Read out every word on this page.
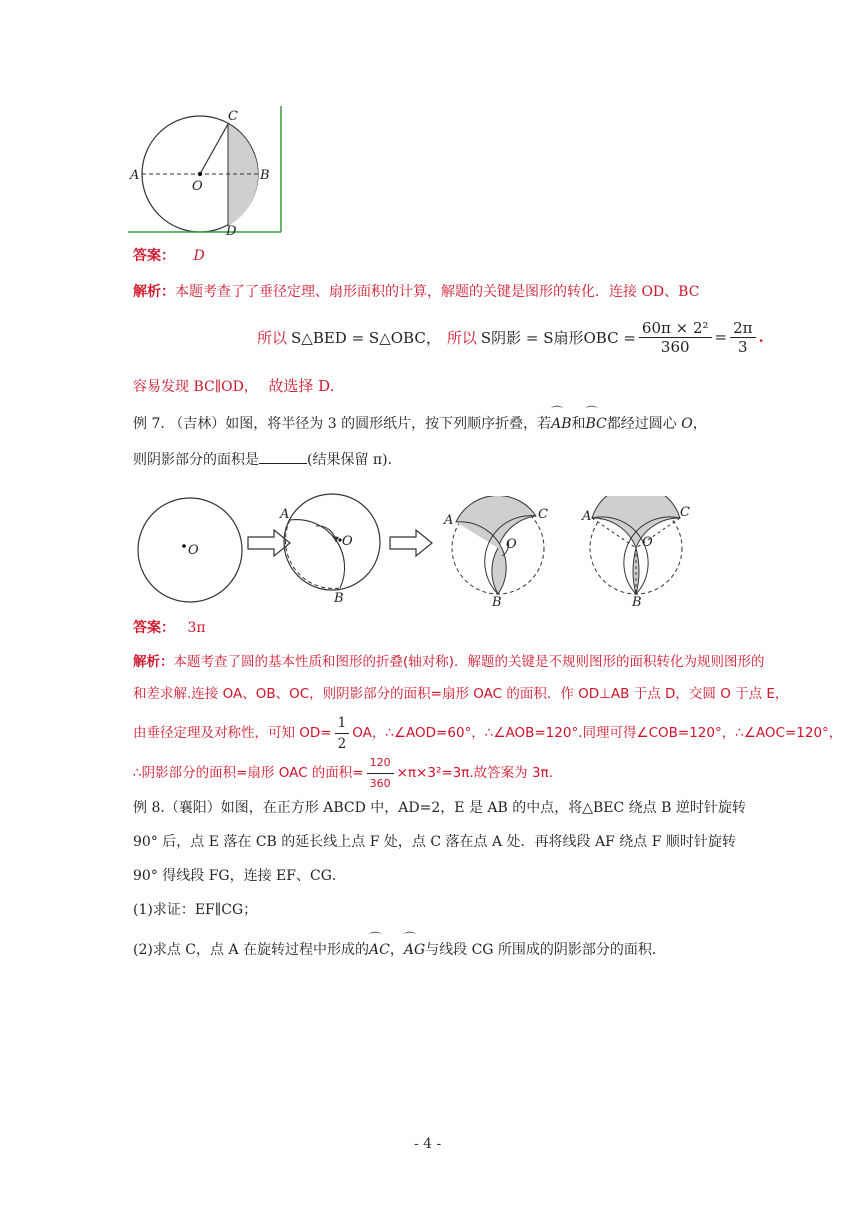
A
O
B
C
D
答案： D
解析：本题考查了了垂径定理、扇形面积的计算，解题的关键是图形的转化．连接 OD、BC
所以 S△BED = S△OBC， 所以 S阴影 = S扇形OBC = $\frac{\text{60π × 2²}}{360} = \frac{2\pi}{3}$ .
容易发现 BC∥OD， 故选择 D.
例 7. （吉林）如图，将半径为 3 的圆形纸片，按下列顺序折叠，若⌒ AB和⌒ BC都经过圆心 O，
则阴影部分的面积是	(结果保留 π)．
O
A
O
B
A	C
O
B
A	C
O
B
答案： 3π
解析：本题考查了圆的基本性质和图形的折叠(轴对称)．解题的关键是不规则图形的面积转化为规则图形的
和差求解.连接 OA、OB、OC，则阴影部分的面积=扇形 OAC 的面积．作 OD⊥AB 于点 D，交圆 O 于点 E，
由垂径定理及对称性，可知 $OD= \frac{1}{2}$ OA，∴∠AOD=60°，∴∠AOB=120°.同理可得∠COB=120°，∴∠AOC=120°，
∴阴影部分的面积=扇形 OAC 的面积= $\frac{120}{360} \times\pi\times 3^2=3\pi$.故答案为 3π.
例 8.（襄阳）如图，在正方形 ABCD 中，AD=2，E 是 AB 的中点，将△BEC 绕点 B 逆时针旋转
90° 后，点 E 落在 CB 的延长线上点 F 处，点 C 落在点 A 处．再将线段 AF 绕点 F 顺时针旋转
90° 得线段 FG，连接 EF、CG．
(1)求证：EF∥CG；
(2)求点 C，点 A 在旋转过程中形成的⌒ AC，⌒ AG与线段 CG 所围成的阴影部分的面积．
- 4 -
